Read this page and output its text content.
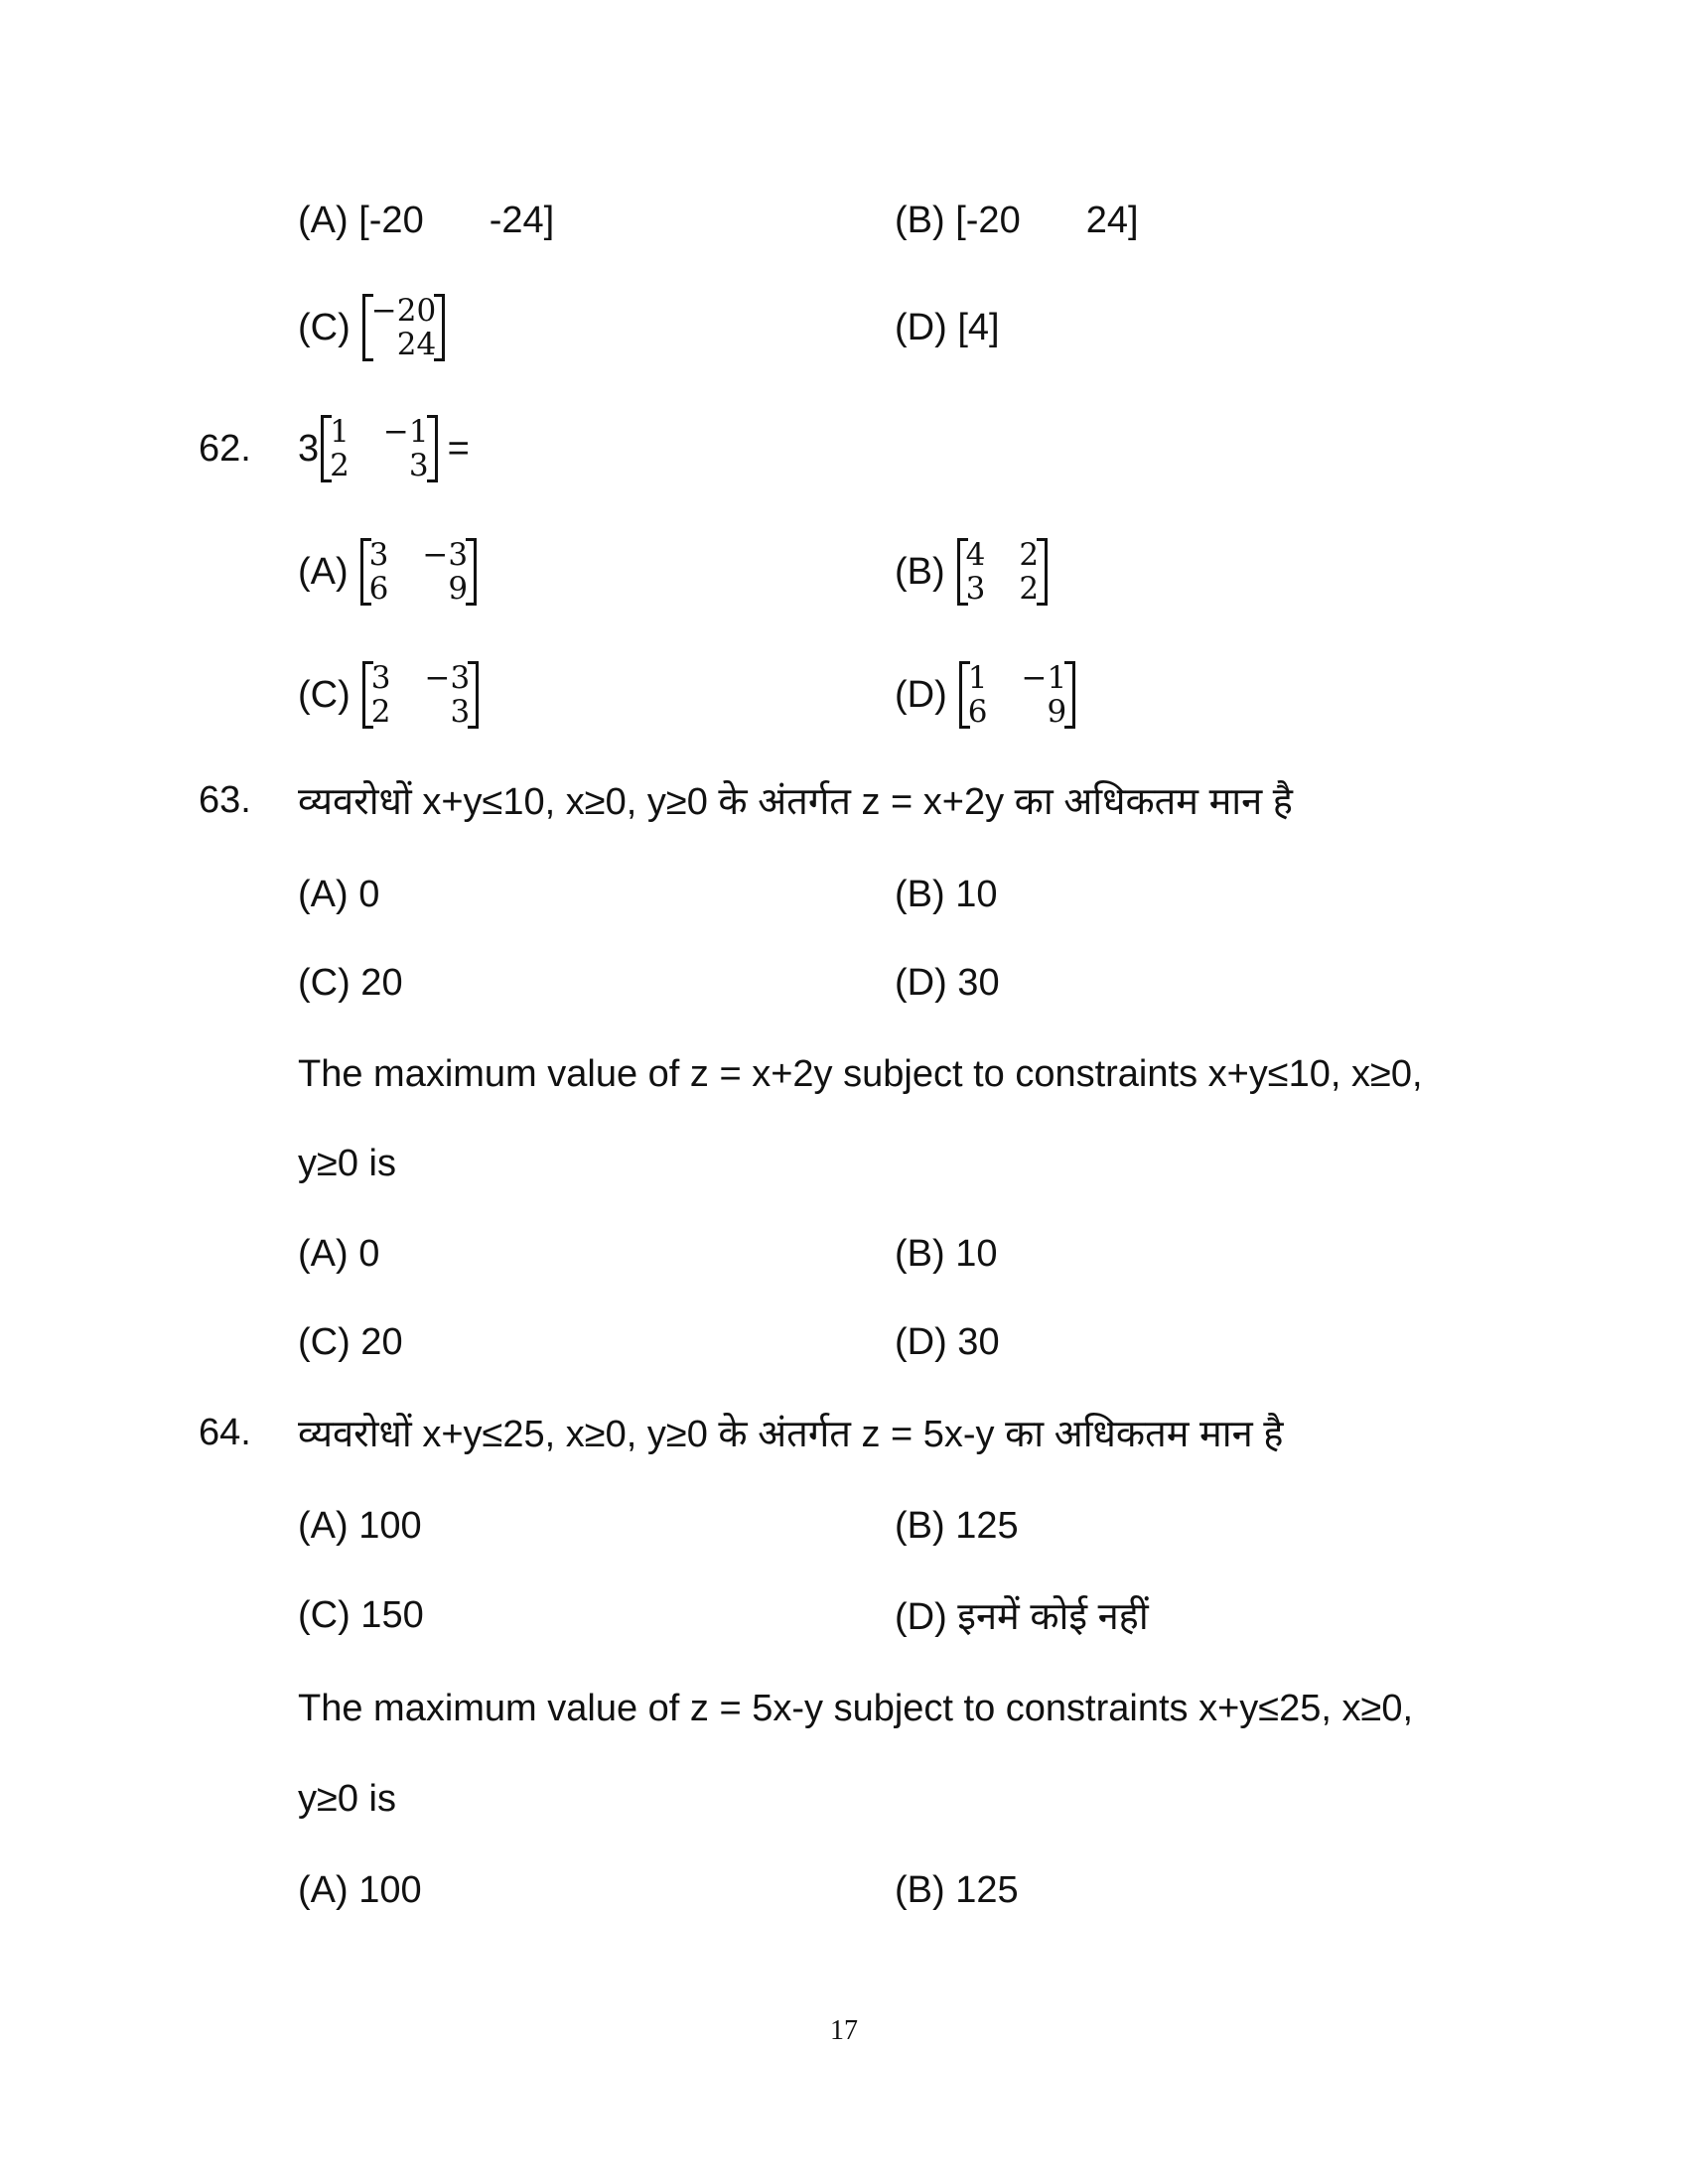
(A)
[-20 -24]	(B)
[-20 24]
(C) −20
24	(D)
[4]
62. 3 1 −1
2	3 =
(A) 3 −3
6	9	(B) 4 2
3 2
(C) 3 −3
2	3	(D) 1 −1
6	9
63. व्यवरोधों x+y≤10, x≥0, y≥0 के अंतर्गत z = x+2y का अधिकतम मान है
(A) 0	(B) 10
(C) 20	(D) 30
The maximum value of z = x+2y subject to constraints x+y≤10, x≥0,
y≥0 is
(A) 0	(B) 10
(C) 20	(D) 30
64. व्यवरोधों x+y≤25, x≥0, y≥0 के अंतर्गत z = 5x-y का अधिकतम मान है
(A) 100	(B) 125
(C) 150	(D) इनमें कोई नहीं
The maximum value of z = 5x-y subject to constraints x+y≤25, x≥0,
y≥0 is
(A) 100	(B) 125
17
